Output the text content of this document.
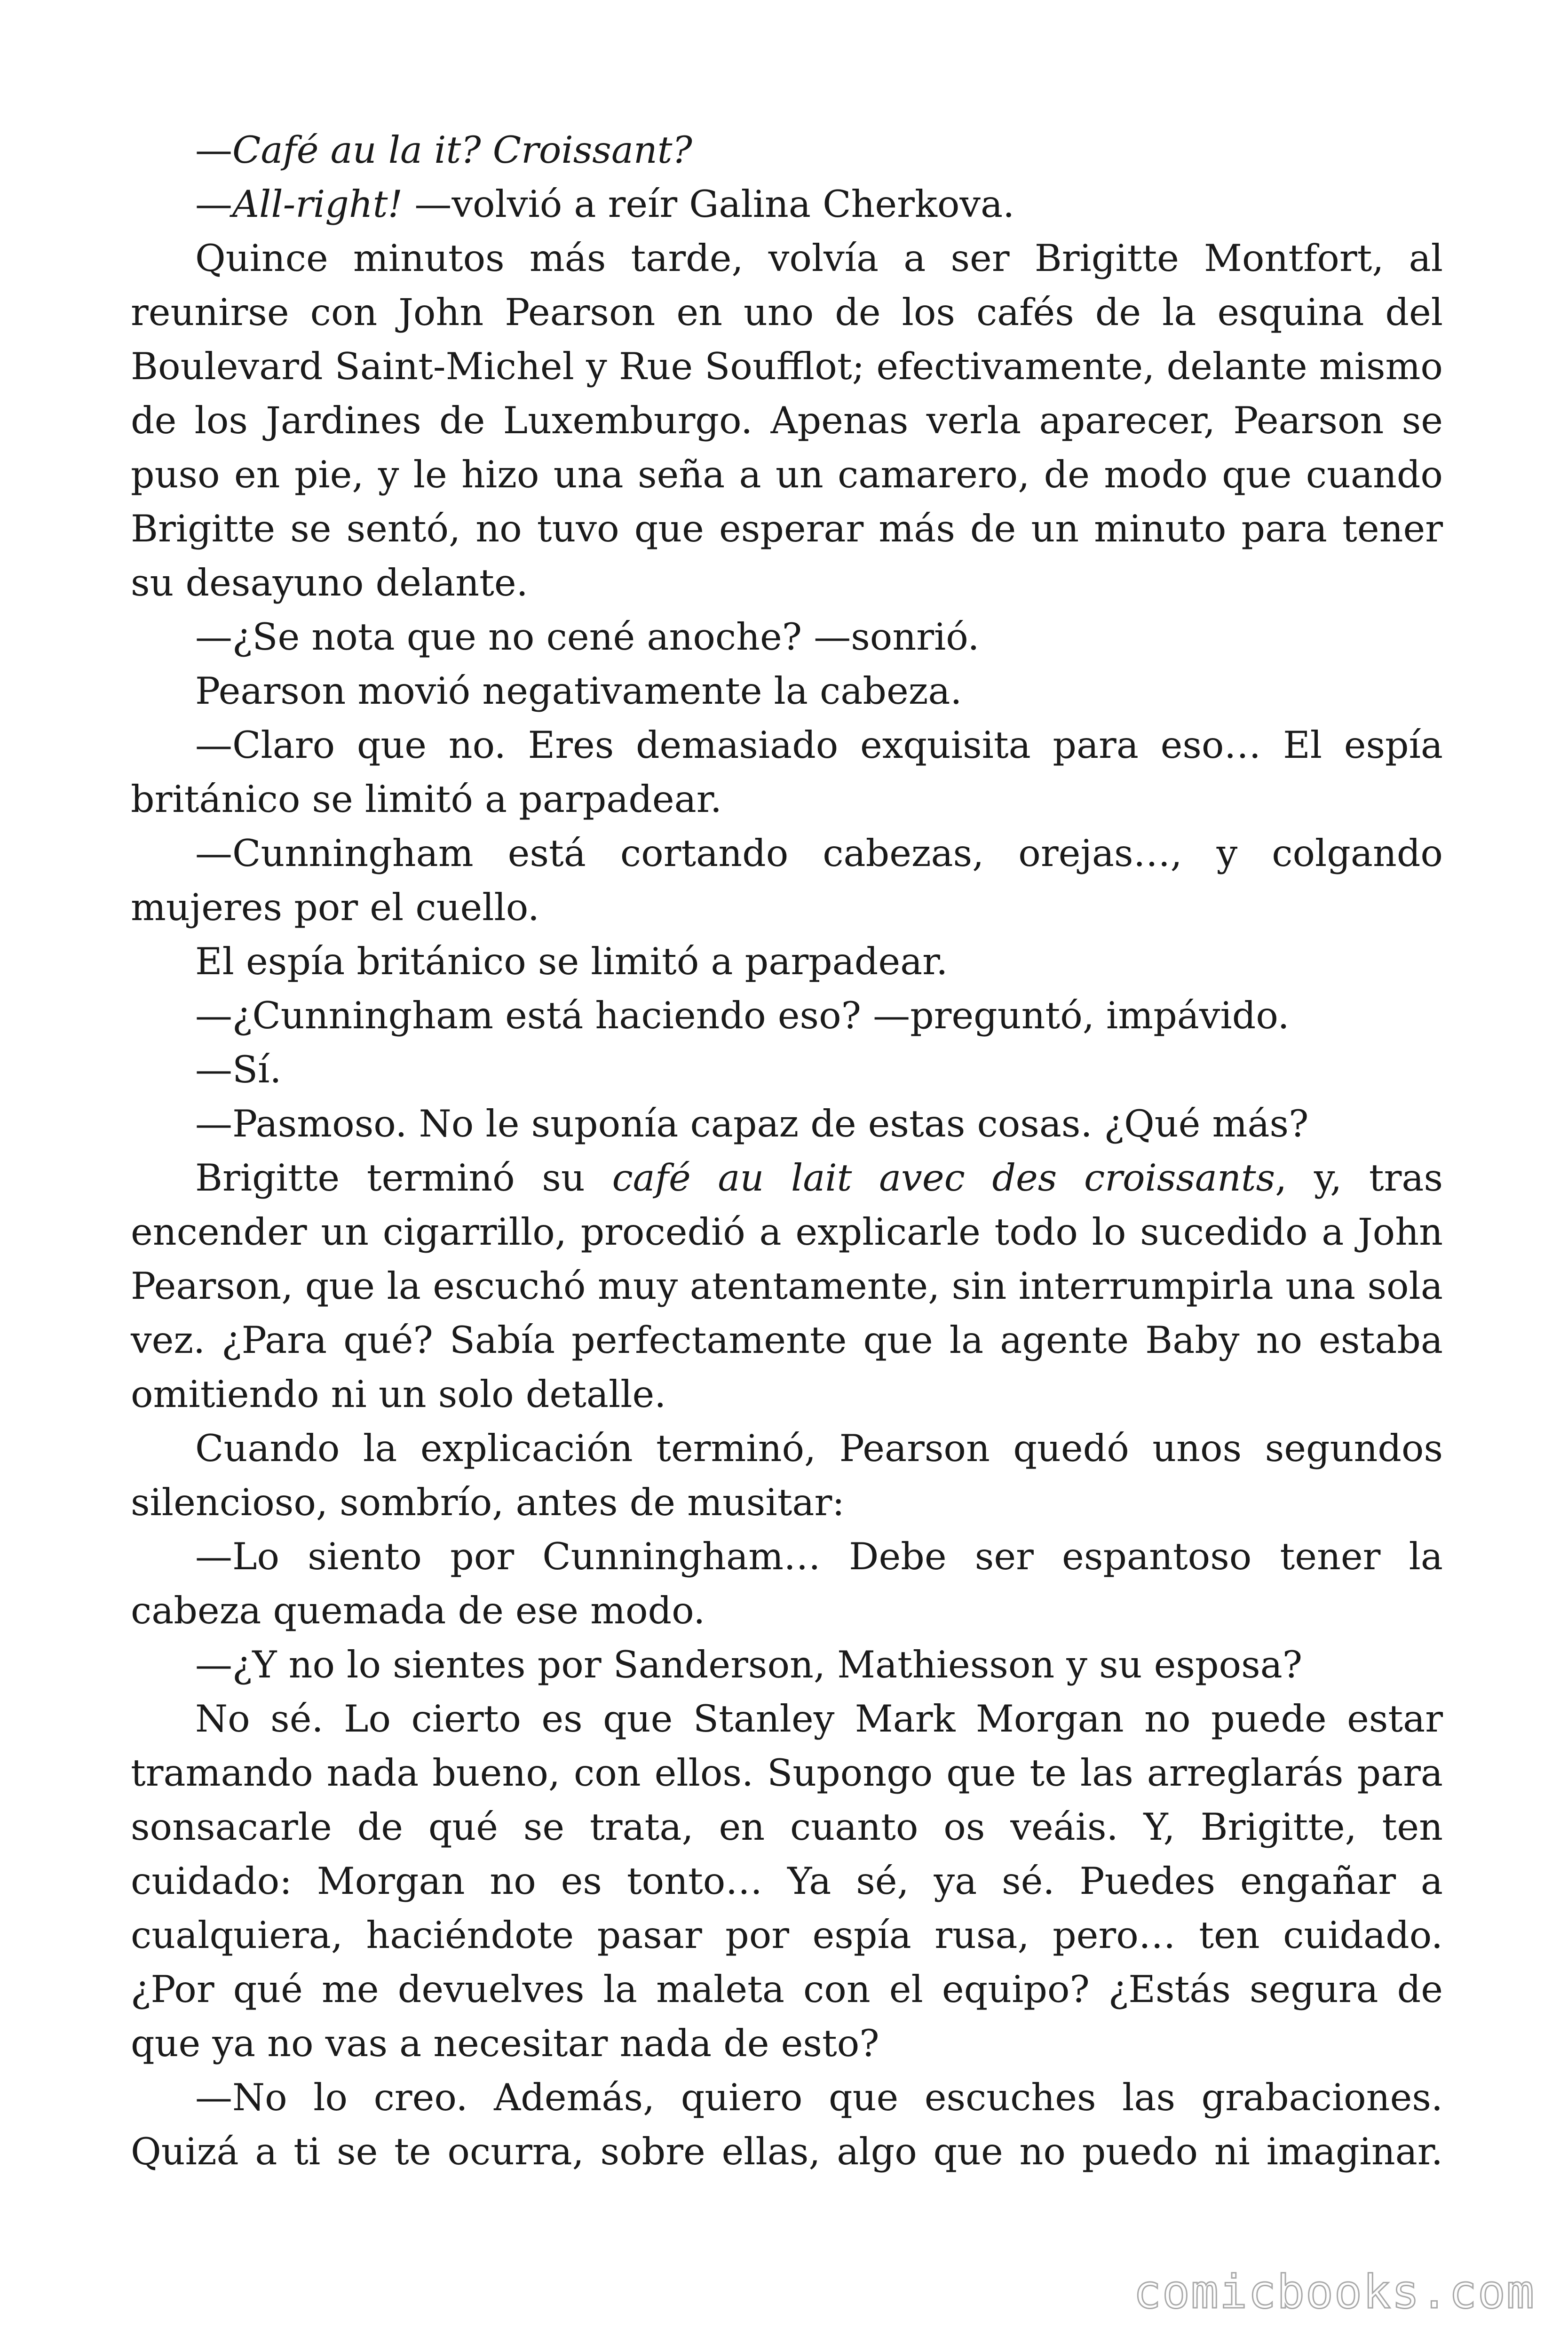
—Café au la it? Croissant?

—All-right! —volvió a reír Galina Cherkova.

Quince minutos más tarde, volvía a ser Brigitte Montfort, al reunirse con John Pearson en uno de los cafés de la esquina del Boulevard Saint-Michel y Rue Soufflot; efectivamente, delante mismo de los Jardines de Luxemburgo. Apenas verla aparecer, Pearson se puso en pie, y le hizo una seña a un camarero, de modo que cuando Brigitte se sentó, no tuvo que esperar más de un minuto para tener su desayuno delante.

—¿Se nota que no cené anoche? —sonrió.

Pearson movió negativamente la cabeza.

—Claro que no. Eres demasiado exquisita para eso… El espía británico se limitó a parpadear.

—Cunningham está cortando cabezas, orejas…, y colgando mujeres por el cuello.

El espía británico se limitó a parpadear.

—¿Cunningham está haciendo eso? —preguntó, impávido.

—Sí.

—Pasmoso. No le suponía capaz de estas cosas. ¿Qué más?

Brigitte terminó su café au lait avec des croissants, y, tras encender un cigarrillo, procedió a explicarle todo lo sucedido a John Pearson, que la escuchó muy atentamente, sin interrumpirla una sola vez. ¿Para qué? Sabía perfectamente que la agente Baby no estaba omitiendo ni un solo detalle.

Cuando la explicación terminó, Pearson quedó unos segundos silencioso, sombrío, antes de musitar:

—Lo siento por Cunningham… Debe ser espantoso tener la cabeza quemada de ese modo.

—¿Y no lo sientes por Sanderson, Mathiesson y su esposa?

No sé. Lo cierto es que Stanley Mark Morgan no puede estar tramando nada bueno, con ellos. Supongo que te las arreglarás para sonsacarle de qué se trata, en cuanto os veáis. Y, Brigitte, ten cuidado: Morgan no es tonto… Ya sé, ya sé. Puedes engañar a cualquiera, haciéndote pasar por espía rusa, pero… ten cuidado. ¿Por qué me devuelves la maleta con el equipo? ¿Estás segura de que ya no vas a necesitar nada de esto?

—No lo creo. Además, quiero que escuches las grabaciones. Quizá a ti se te ocurra, sobre ellas, algo que no puedo ni imaginar.

comicbooks.com
